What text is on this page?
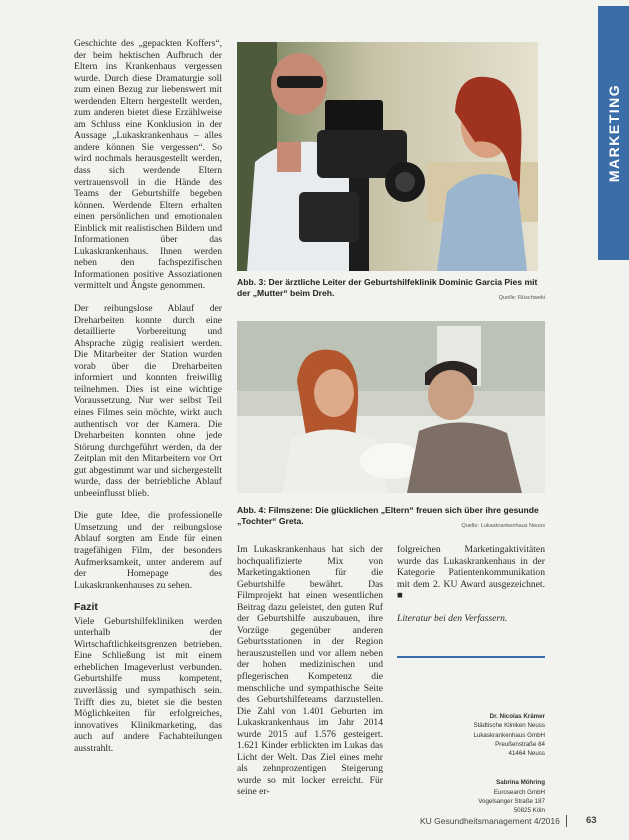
MARKETING

Geschichte des „gepackten Koffers“, der beim hektischen Aufbruch der Eltern ins Krankenhaus vergessen wurde. Durch diese Dramaturgie soll zum einen Bezug zur liebenswert mit werdenden Eltern hergestellt werden, zum anderen bietet diese Erzählweise am Schluss eine Konklusion in der Aussage „Lukaskrankenhaus – alles andere können Sie vergessen“. So wird nochmals herausgestellt werden, dass sich werdende Eltern vertrauensvoll in die Hände des Teams der Geburtshilfe begeben können. Werdende Eltern erhalten einen persönlichen und emotionalen Einblick mit realistischen Bildern und Informationen über das Lukaskrankenhaus. Ihnen werden neben den fachspezifischen Informationen positive Assoziationen vermittelt und Ängste genommen.

Der reibungslose Ablauf der Dreharbeiten konnte durch eine detaillierte Vorbereitung und Absprache zügig realisiert werden. Die Mitarbeiter der Station wurden vorab über die Dreharbeiten informiert und konnten freiwillig teilnehmen. Dies ist eine wichtige Voraussetzung. Nur wer selbst Teil eines Filmes sein möchte, wirkt auch authentisch vor der Kamera. Die Dreharbeiten konnten ohne jede Störung durchgeführt werden, da der Zeitplan mit den Mitarbeitern vor Ort gut abgestimmt war und sichergestellt wurde, dass der betriebliche Ablauf unbeeinflusst blieb.

Die gute Idee, die professionelle Umsetzung und der reibungslose Ablauf sorgten am Ende für einen tragefähigen Film, der besonders Aufmerksamkeit, unter anderem auf der Homepage des Lukaskrankenhauses zu sehen.

Fazit

Viele Geburtshilfekliniken werden unterhalb der Wirtschaftlichkeitsgrenzen betrieben. Eine Schließung ist mit einem erheblichen Imageverlust verbunden. Geburtshilfe muss kompetent, zuverlässig und sympathisch sein. Trifft dies zu, bietet sie die besten Möglichkeiten für erfolgreiches, innovatives Klinikmarketing, das auch auf andere Fachabteilungen ausstrahlt.

Abb. 3: Der ärztliche Leiter der Geburtshilfeklinik Dominic Garcia Pies mit der „Mutter“ beim Dreh.	Quelle: Rüschweki
Abb. 4: Filmszene: Die glücklichen „Eltern“ freuen sich über ihre gesunde „Tochter“ Greta.	Quelle: Lukaskrankenhaus Neuss

Im Lukaskrankenhaus hat sich der hochqualifizierte Mix von Marketingaktionen für die Geburtshilfe bewährt. Das Filmprojekt hat einen wesentlichen Beitrag dazu geleistet, den guten Ruf der Geburtshilfe auszubauen, ihre Vorzüge gegenüber anderen Geburtsstationen in der Region herauszustellen und vor allem neben der hohen medizinischen und pflegerischen Kompetenz die menschliche und sympathische Seite des Geburtshilfeteams darzustellen. Die Zahl von 1.401 Geburten im Lukaskrankenhaus im Jahr 2014 wurde 2015 auf 1.576 gesteigert. 1.621 Kinder erblickten im Lukas das Licht der Welt. Das Ziel eines mehr als zehnprozentigen Steigerung wurde so mit locker erreicht. Für seine er-

folgreichen Marketingaktivitäten wurde das Lukaskrankenhaus in der Kategorie Patientenkommunikation mit dem 2. KU Award ausgezeichnet. ■

Literatur bei den Verfassern.

Dr. Nicolas Krämer
Städtische Kliniken Neuss
Lukaskrankenhaus GmbH
Preußenstraße 84
41464 Neuss
Sabrina Möhring
Eurosearch GmbH
Vogelsanger Straße 187
50825 Köln
KU Gesundheitsmanagement 4/2016	63
